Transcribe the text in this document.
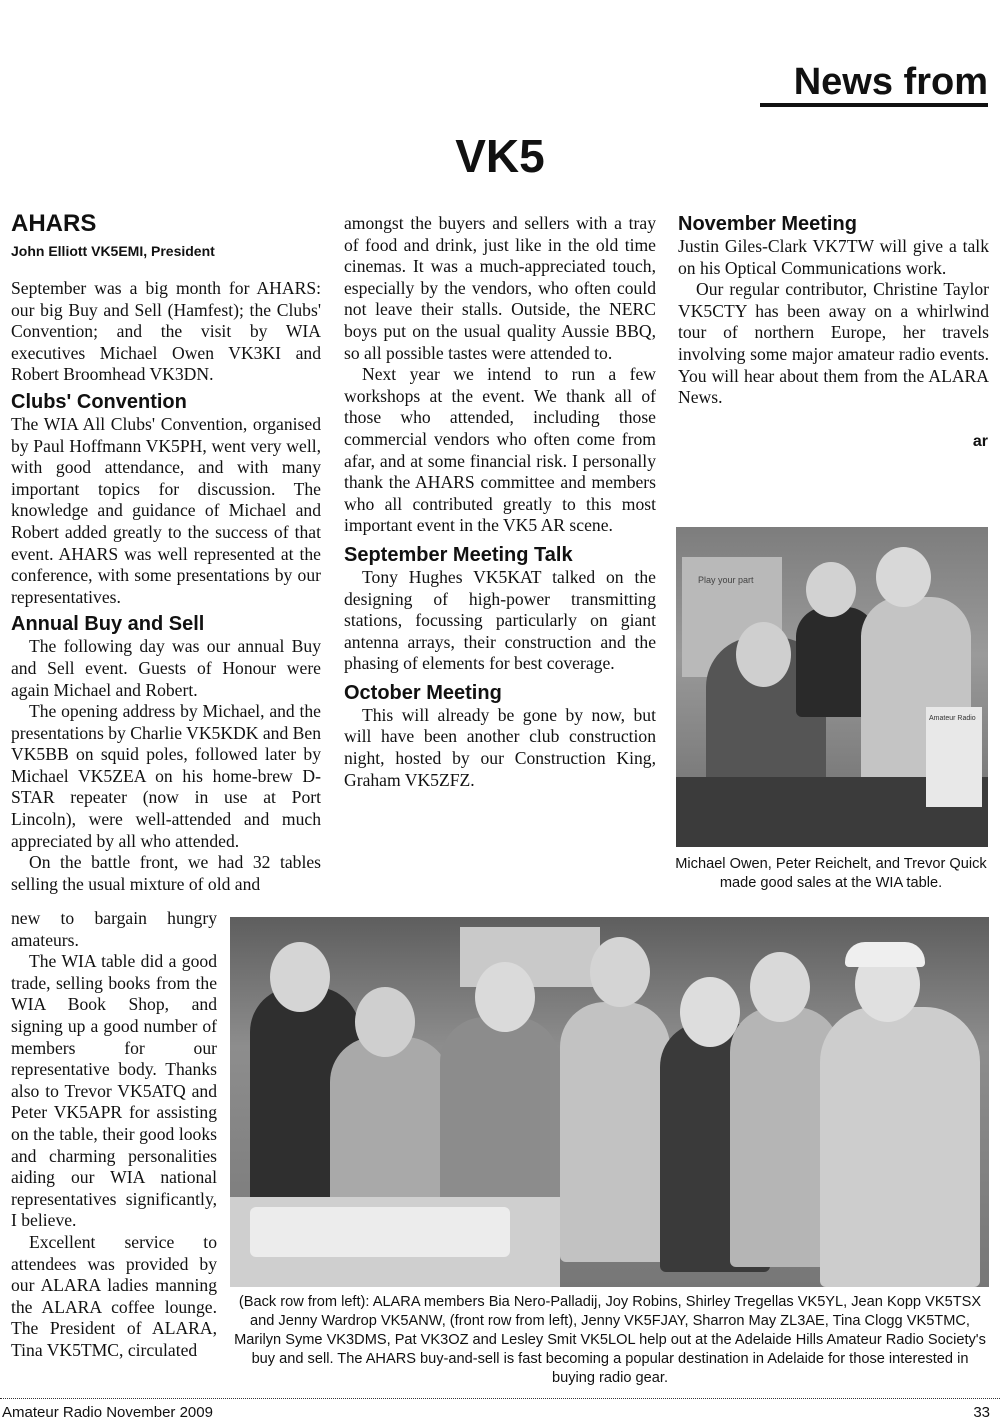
News from
VK5
AHARS
John Elliott VK5EMI, President

September was a big month for AHARS: our big Buy and Sell (Hamfest); the Clubs' Convention; and the visit by WIA executives Michael Owen VK3KI and Robert Broomhead VK3DN.

Clubs' Convention

The WIA All Clubs' Convention, organised by Paul Hoffmann VK5PH, went very well, with good attendance, and with many important topics for discussion. The knowledge and guidance of Michael and Robert added greatly to the success of that event. AHARS was well represented at the conference, with some presentations by our representatives.

Annual Buy and Sell

The following day was our annual Buy and Sell event. Guests of Honour were again Michael and Robert.

The opening address by Michael, and the presentations by Charlie VK5KDK and Ben VK5BB on squid poles, followed later by Michael VK5ZEA on his home-brew D-STAR repeater (now in use at Port Lincoln), were well-attended and much appreciated by all who attended.

On the battle front, we had 32 tables selling the usual mixture of old and

new to bargain hungry amateurs.

The WIA table did a good trade, selling books from the WIA Book Shop, and signing up a good number of members for our representative body. Thanks also to Trevor VK5ATQ and Peter VK5APR for assisting on the table, their good looks and charming personalities aiding our WIA national representatives significantly, I believe.

Excellent service to attendees was provided by our ALARA ladies manning the ALARA coffee lounge. The President of ALARA, Tina VK5TMC, circulated

amongst the buyers and sellers with a tray of food and drink, just like in the old time cinemas. It was a much-appreciated touch, especially by the vendors, who often could not leave their stalls. Outside, the NERC boys put on the usual quality Aussie BBQ, so all possible tastes were attended to.

Next year we intend to run a few workshops at the event. We thank all of those who attended, including those commercial vendors who often come from afar, and at some financial risk. I personally thank the AHARS committee and members who all contributed greatly to this most important event in the VK5 AR scene.

September Meeting Talk

Tony Hughes VK5KAT talked on the designing of high-power transmitting stations, focussing particularly on giant antenna arrays, their construction and the phasing of elements for best coverage.

October Meeting

This will already be gone by now, but will have been another club construction night, hosted by our Construction King, Graham VK5ZFZ.

November Meeting

Justin Giles-Clark VK7TW will give a talk on his Optical Communications work.

Our regular contributor, Christine Taylor VK5CTY has been away on a whirlwind tour of northern Europe, her travels involving some major amateur radio events. You will hear about them from the ALARA News.

ar
Play your part
Amateur Radio
Michael Owen, Peter Reichelt, and Trevor Quick made good sales at the WIA table.
(Back row from left): ALARA members Bia Nero-Palladij, Joy Robins, Shirley Tregellas VK5YL, Jean Kopp VK5TSX and Jenny Wardrop VK5ANW, (front row from left), Jenny VK5FJAY, Sharron May ZL3AE, Tina Clogg VK5TMC, Marilyn Syme VK3DMS, Pat VK3OZ and Lesley Smit VK5LOL help out at the Adelaide Hills Amateur Radio Society's buy and sell. The AHARS buy-and-sell is fast becoming a popular destination in Adelaide for those interested in buying radio gear.
Amateur Radio November 2009	33
